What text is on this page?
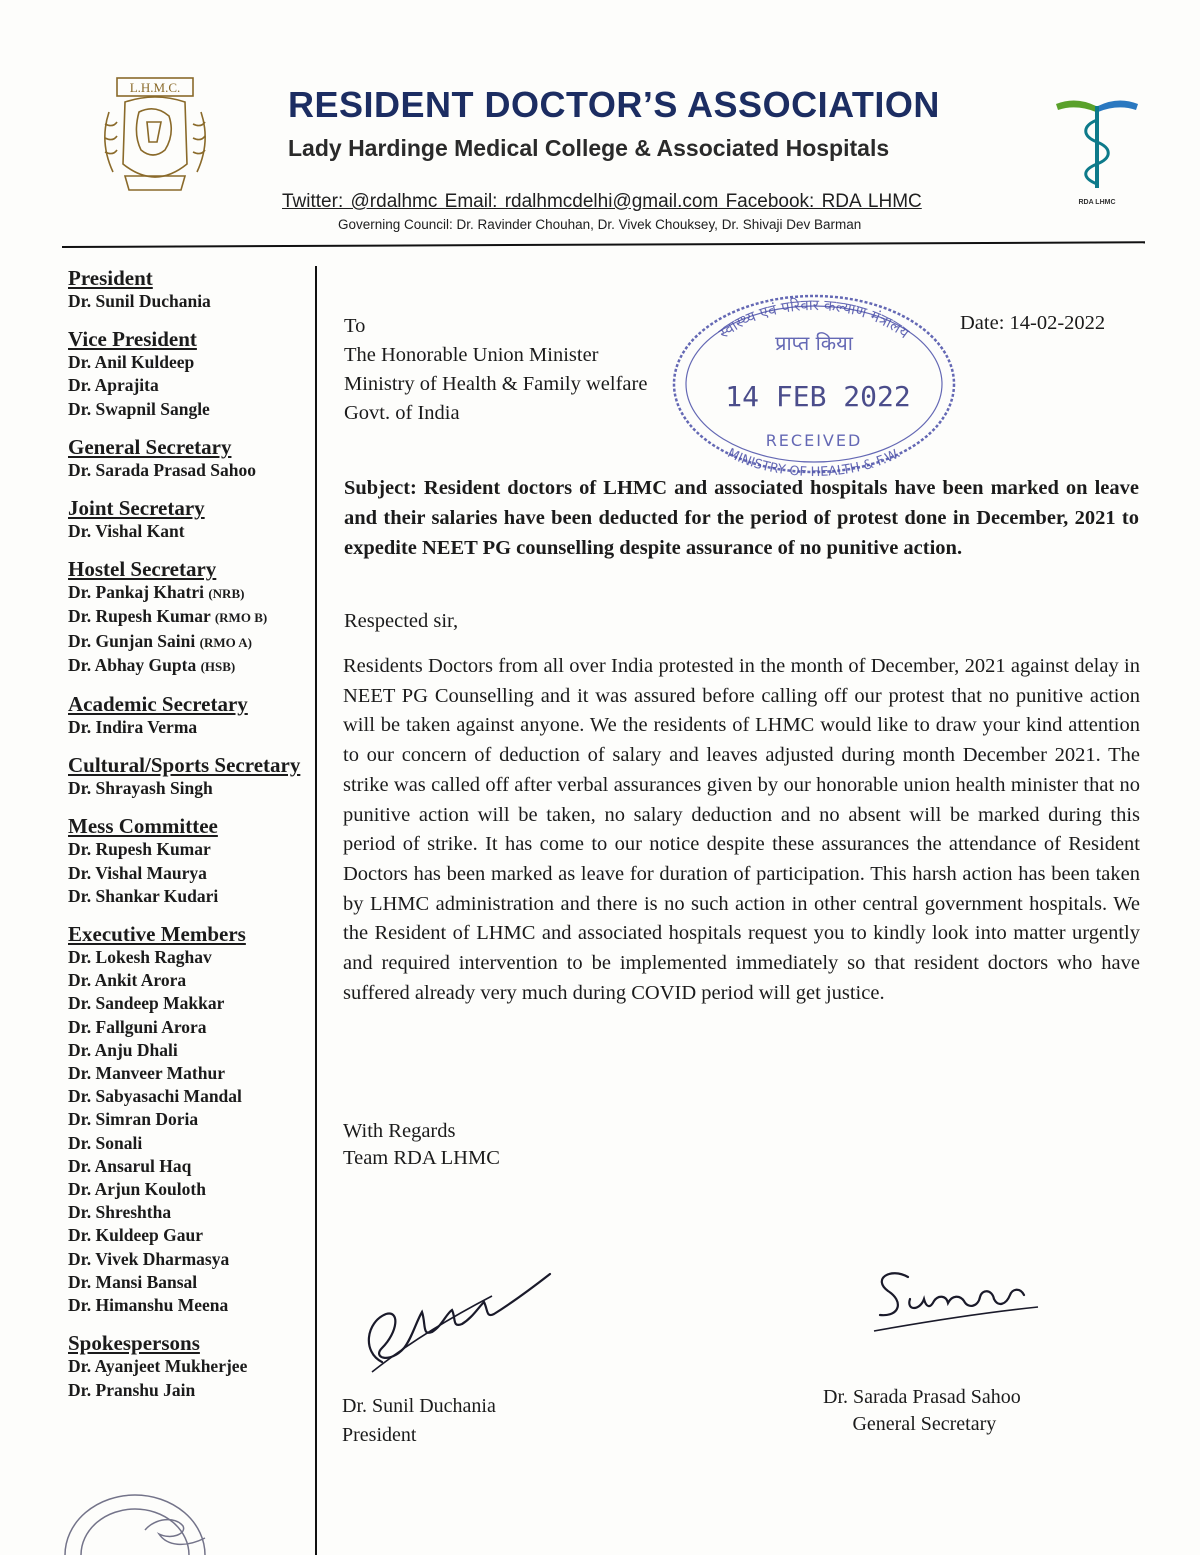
L.H.M.C.	RESIDENT DOCTOR’S ASSOCIATION
Lady Hardinge Medical College & Associated Hospitals
Twitter: @rdalhmc Email: rdalhmcdelhi@gmail.com Facebook: RDA LHMC
Governing Council: Dr. Ravinder Chouhan, Dr. Vivek Chouksey, Dr. Shivaji Dev Barman
RDA LHMC
President
Dr. Sunil Duchania
Vice President
Dr. Anil Kuldeep
Dr. Aprajita
Dr. Swapnil Sangle
General Secretary
Dr. Sarada Prasad Sahoo
Joint Secretary
Dr. Vishal Kant
Hostel Secretary
Dr. Pankaj Khatri (NRB)
Dr. Rupesh Kumar (RMO B)
Dr. Gunjan Saini (RMO A)
Dr. Abhay Gupta (HSB)
Academic Secretary
Dr. Indira Verma
Cultural/Sports Secretary
Dr. Shrayash Singh
Mess Committee
Dr. Rupesh Kumar
Dr. Vishal Maurya
Dr. Shankar Kudari
Executive Members
Dr. Lokesh Raghav
Dr. Ankit Arora
Dr. Sandeep Makkar
Dr. Fallguni Arora
Dr. Anju Dhali
Dr. Manveer Mathur
Dr. Sabyasachi Mandal
Dr. Simran Doria
Dr. Sonali
Dr. Ansarul Haq
Dr. Arjun Kouloth
Dr. Shreshtha
Dr. Kuldeep Gaur
Dr. Vivek Dharmasya
Dr. Mansi Bansal
Dr. Himanshu Meena
Spokespersons
Dr. Ayanjeet Mukherjee
Dr. Pranshu Jain
To
The Honorable Union Minister
Ministry of Health & Family welfare
Govt. of India
Date: 14-02-2022
स्वास्थ्य एवं परिवार कल्याण मंत्रालय
प्राप्त किया
14 FEB 2022
RECEIVED
MINISTRY OF HEALTH & F.W.
Subject: Resident doctors of LHMC and associated hospitals have been marked on leave and their salaries have been deducted for the period of protest done in December, 2021 to expedite NEET PG counselling despite assurance of no punitive action.
Respected sir,
Residents Doctors from all over India protested in the month of December, 2021 against delay in NEET PG Counselling and it was assured before calling off our protest that no punitive action will be taken against anyone. We the residents of LHMC would like to draw your kind attention to our concern of deduction of salary and leaves adjusted during month December 2021. The strike was called off after verbal assurances given by our honorable union health minister that no punitive action will be taken, no salary deduction and no absent will be marked during this period of strike. It has come to our notice despite these assurances the attendance of Resident Doctors has been marked as leave for duration of participation. This harsh action has been taken by LHMC administration and there is no such action in other central government hospitals. We the Resident of LHMC and associated hospitals request you to kindly look into matter urgently and required intervention to be implemented immediately so that resident doctors who have suffered already very much during COVID period will get justice.
With Regards
Team RDA LHMC
Dr. Sunil Duchania
President
Dr. Sarada Prasad Sahoo
General Secretary
